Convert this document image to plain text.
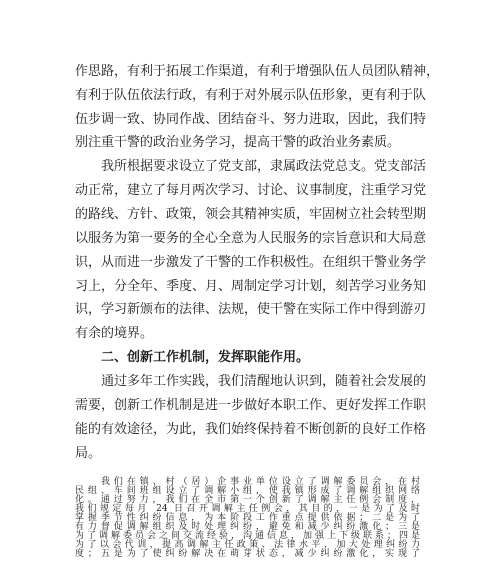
作思路，有利于拓展工作渠道，有利于增强队伍人员团队精神，
有利于队伍依法行政，有利于对外展示队伍形象，更有利于队
伍步调一致、协同作战、团结奋斗、努力进取，因此，我们特
别注重干警的政治业务学习，提高干警的政治业务素质。
我所根据要求设立了党支部，隶属政法党总支。党支部活
动正常，建立了每月两次学习、讨论、议事制度，注重学习党
的路线、方针、政策，领会其精神实质，牢固树立社会转型期
以服务为第一要务的全心全意为人民服务的宗旨意识和大局意
识，从而进一步激发了干警的工作积极性。在组织干警业务学
习上，分全年、季度、月、周制定学习计划，刻苦学习业务知
识，学习新颁布的法律、法规，使干警在实际工作中得到游刃
有余的境界。
二、创新工作机制，发挥职能作用。
通过多年工作实践，我们清醒地认识到，随着社会发展的
需要，创新工作机制是进一步做好本职工作、更好发挥工作职
能的有效途径，为此，我们始终保持着不断创新的良好工作格
局。
我们在镇、村（居）企事业单位设立了调解委员会，在村
民组、车间班组设立了调解小组，使我镇形成了调解组织网络
化。通过努力，我们在全市第一个创新了调解主任例会制度，
我们规定每月 24 日召开调解主任例会，其目的，一是为了及时
掌握季节性纠纷信息，为本阶段工作重点提供依据；二是为了
有力督促调解组织及时处理纠纷，避免和减少纠纷激化；三是
为了调解委员会之间交流经验，沟通信息，加强上下级联系；四是
为了以会代训，提高调解主任政策、法律水平，加大处理纠纷力
度；五是为了使纠纷解决在萌芽状态，减少纠纷激化，实现了
